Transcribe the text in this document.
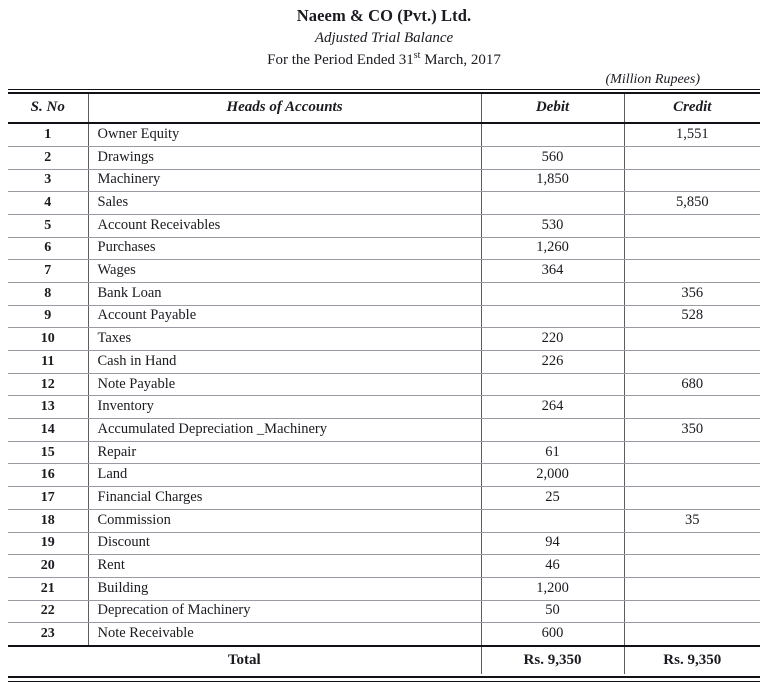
Naeem & CO (Pvt.) Ltd.
Adjusted Trial Balance
For the Period Ended 31st March, 2017
(Million Rupees)
S. No	Heads of Accounts	Debit	Credit
1	Owner Equity		1,551
2	Drawings	560	
3	Machinery	1,850	
4	Sales		5,850
5	Account Receivables	530	
6	Purchases	1,260	
7	Wages	364	
8	Bank Loan		356
9	Account Payable		528
10	Taxes	220	
11	Cash in Hand	226	
12	Note Payable		680
13	Inventory	264	
14	Accumulated Depreciation _Machinery		350
15	Repair	61	
16	Land	2,000	
17	Financial Charges	25	
18	Commission		35
19	Discount	94	
20	Rent	46	
21	Building	1,200	
22	Deprecation of Machinery	50	
23	Note Receivable	600	
Total		Rs. 9,350	Rs. 9,350
